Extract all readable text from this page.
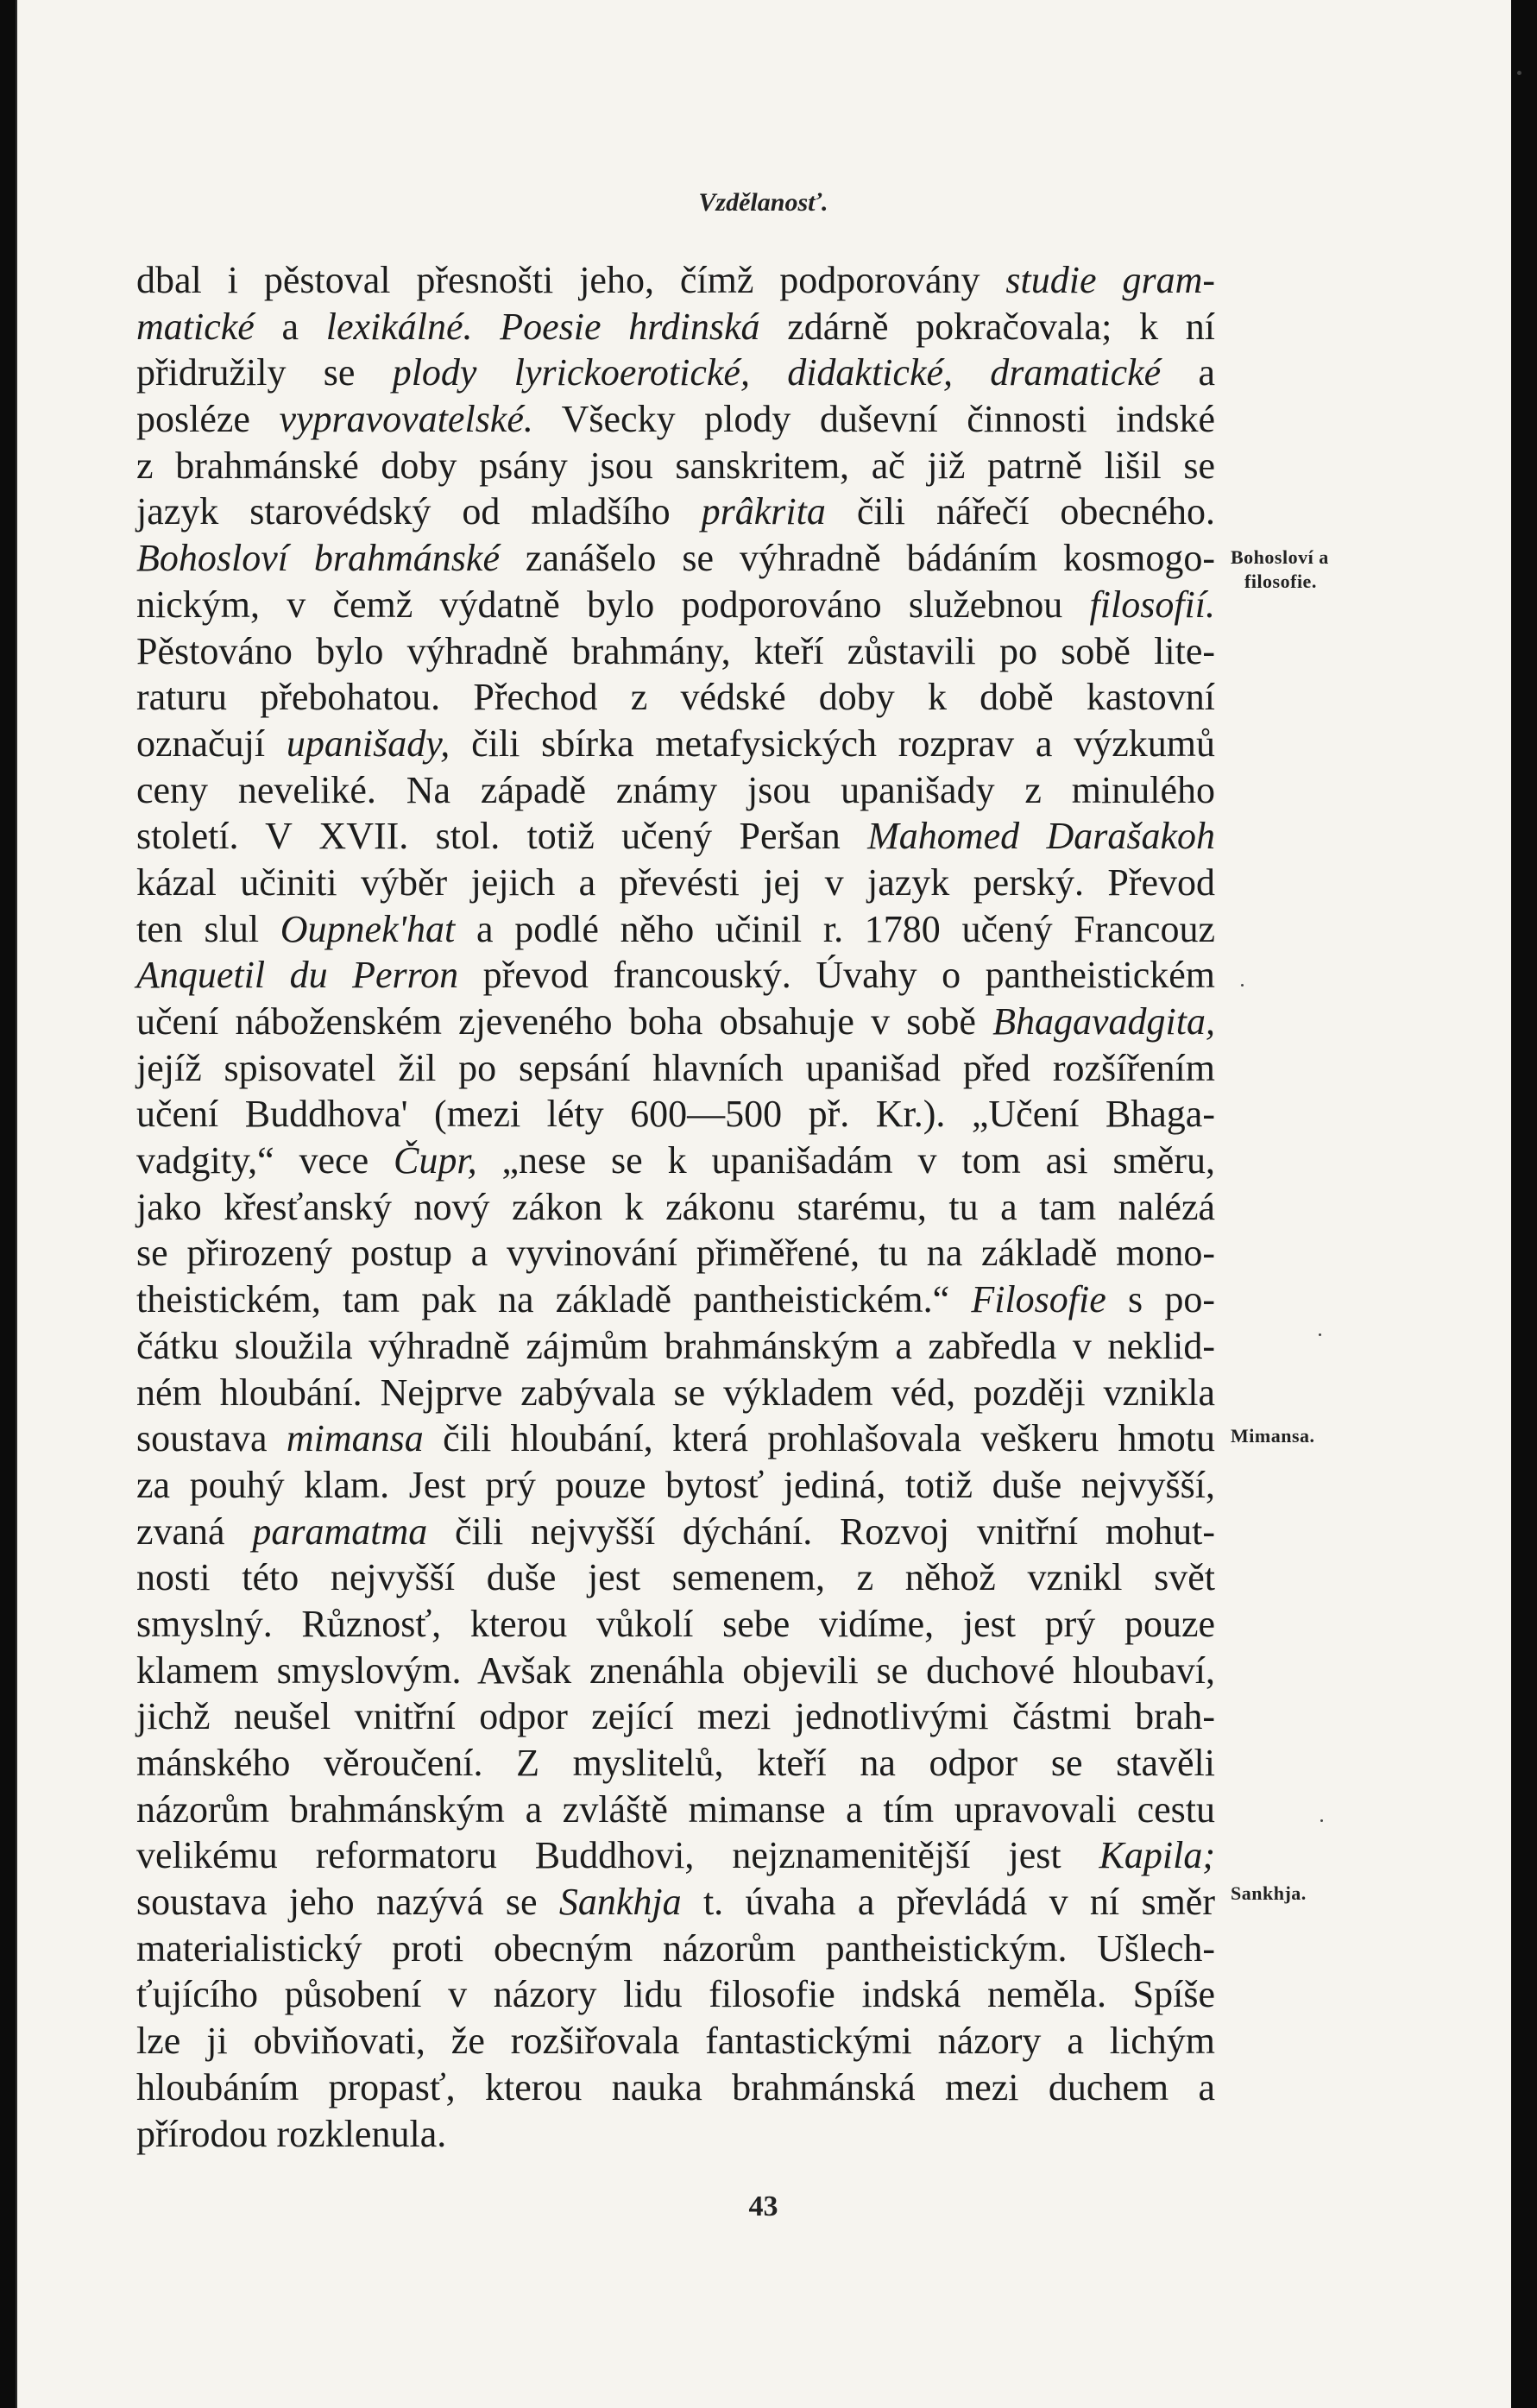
Vzdělanosť.
dbal i pěstoval přesnošti jeho, čímž podporovány studie gram-
matické a lexikálné. Poesie hrdinská zdárně pokračovala; k ní
přidružily se plody lyrickoerotické, didaktické, dramatické a
posléze vypravovatelské. Všecky plody duševní činnosti indské
z brahmánské doby psány jsou sanskritem, ač již patrně lišil se
jazyk starovédský od mladšího prâkrita čili nářečí obecného.
Bohosloví brahmánské zanášelo se výhradně bádáním kosmogo-
nickým, v čemž výdatně bylo podporováno služebnou filosofií.
Pěstováno bylo výhradně brahmány, kteří zůstavili po sobě lite-
raturu přebohatou. Přechod z védské doby k době kastovní
označují upanišady, čili sbírka metafysických rozprav a výzkumů
ceny neveliké. Na západě známy jsou upanišady z minulého
století. V XVII. stol. totiž učený Peršan Mahomed Darašakoh
kázal učiniti výběr jejich a převésti jej v jazyk perský. Převod
ten slul Oupnek'hat a podlé něho učinil r. 1780 učený Francouz
Anquetil du Perron převod francouský. Úvahy o pantheistickém
učení náboženském zjeveného boha obsahuje v sobě Bhagavadgita,
jejíž spisovatel žil po sepsání hlavních upanišad před rozšířením
učení Buddhova' (mezi léty 600—500 př. Kr.). „Učení Bhaga-
vadgity,“ vece Čupr, „nese se k upanišadám v tom asi směru,
jako křesťanský nový zákon k zákonu starému, tu a tam nalézá
se přirozený postup a vyvinování přiměřené, tu na základě mono-
theistickém, tam pak na základě pantheistickém.“ Filosofie s po-
čátku sloužila výhradně zájmům brahmánským a zabředla v neklid-
ném hloubání. Nejprve zabývala se výkladem véd, později vznikla
soustava mimansa čili hloubání, která prohlašovala veškeru hmotu
za pouhý klam. Jest prý pouze bytosť jediná, totiž duše nejvyšší,
zvaná paramatma čili nejvyšší dýchání. Rozvoj vnitřní mohut-
nosti této nejvyšší duše jest semenem, z něhož vznikl svět
smyslný. Různosť, kterou vůkolí sebe vidíme, jest prý pouze
klamem smyslovým. Avšak znenáhla objevili se duchové hloubaví,
jichž neušel vnitřní odpor zející mezi jednotlivými částmi brah-
mánského věroučení. Z myslitelů, kteří na odpor se stavěli
názorům brahmánským a zvláště mimanse a tím upravovali cestu
velikému reformatoru Buddhovi, nejznamenitější jest Kapila;
soustava jeho nazývá se Sankhja t. úvaha a převládá v ní směr
materialistický proti obecným názorům pantheistickým. Ušlech-
ťujícího působení v názory lidu filosofie indská neměla. Spíše
lze ji obviňovati, že rozšiřovala fantastickými názory a lichým
hloubáním propasť, kterou nauka brahmánská mezi duchem a
přírodou rozklenula.
Bohosloví a
filosofie.
Mimansa.
Sankhja.
43
